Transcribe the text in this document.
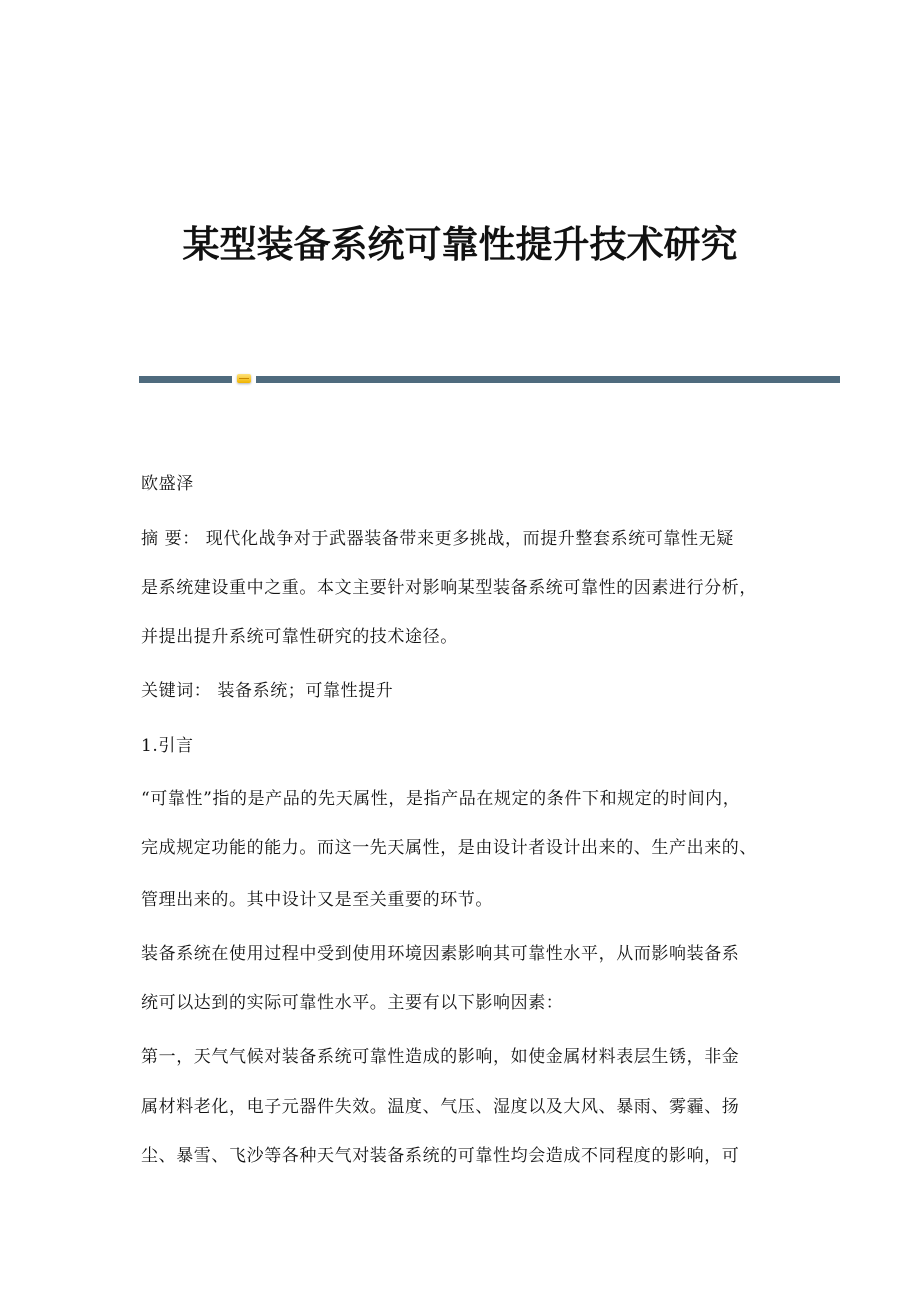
某型装备系统可靠性提升技术研究
欧盛泽
摘 要： 现代化战争对于武器装备带来更多挑战，而提升整套系统可靠性无疑
是系统建设重中之重。本文主要针对影响某型装备系统可靠性的因素进行分析，
并提出提升系统可靠性研究的技术途径。
关键词： 装备系统；可靠性提升
1.引言
“可靠性”指的是产品的先天属性，是指产品在规定的条件下和规定的时间内，
完成规定功能的能力。而这一先天属性，是由设计者设计出来的、生产出来的、
管理出来的。其中设计又是至关重要的环节。
装备系统在使用过程中受到使用环境因素影响其可靠性水平，从而影响装备系
统可以达到的实际可靠性水平。主要有以下影响因素：
第一，天气气候对装备系统可靠性造成的影响，如使金属材料表层生锈，非金
属材料老化，电子元器件失效。温度、气压、湿度以及大风、暴雨、雾霾、扬
尘、暴雪、飞沙等各种天气对装备系统的可靠性均会造成不同程度的影响，可
